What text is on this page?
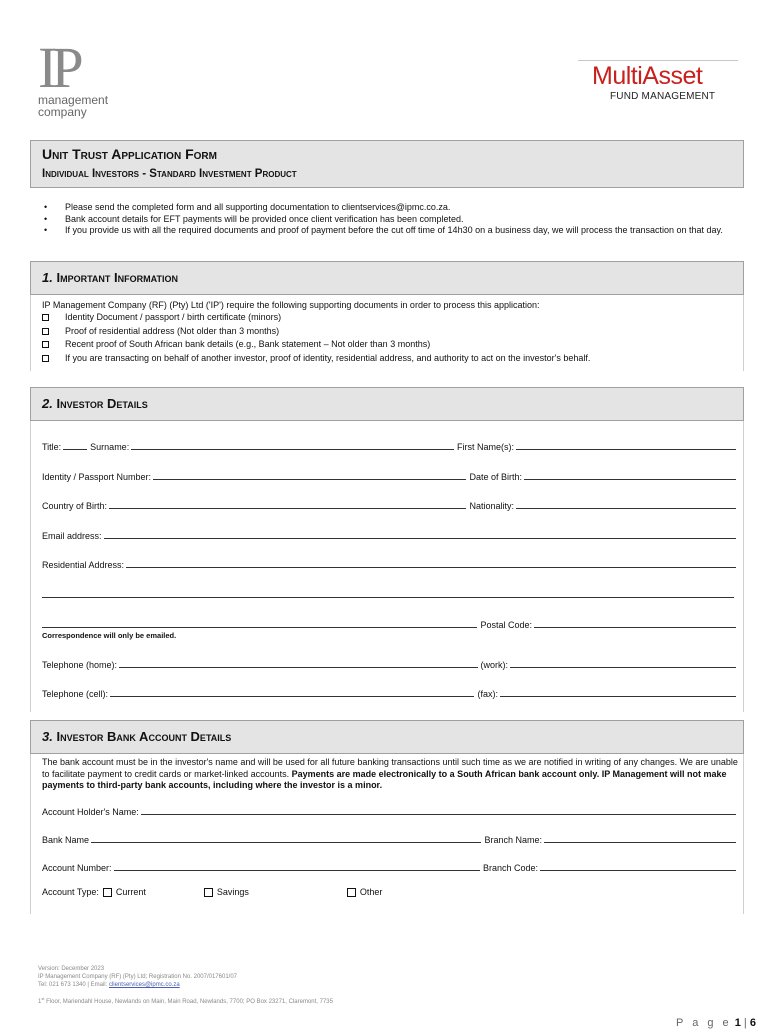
IP
management
company
MultiAsset
FUND MANAGEMENT
Unit Trust Application Form
Individual Investors - Standard Investment Product
• Please send the completed form and all supporting documentation to clientservices@ipmc.co.za.
• Bank account details for EFT payments will be provided once client verification has been completed.
• If you provide us with all the required documents and proof of payment before the cut off time of 14h30 on a business day, we will process the transaction on that day.
1. Important Information
IP Management Company (RF) (Pty) Ltd ('IP') require the following supporting documents in order to process this application:
Identity Document / passport / birth certificate (minors)
Proof of residential address (Not older than 3 months)
Recent proof of South African bank details (e.g., Bank statement – Not older than 3 months)
If you are transacting on behalf of another investor, proof of identity, residential address, and authority to act on the investor's behalf.
2. Investor Details
Title:	Surname:	First Name(s):
Identity / Passport Number:	Date of Birth:
Country of Birth:	Nationality:
Email address:
Residential Address:
Postal Code:
Correspondence will only be emailed.
Telephone (home):	(work):
Telephone (cell):	(fax):
3. Investor Bank Account Details
The bank account must be in the investor's name and will be used for all future banking transactions until such time as we are notified in writing of any changes. We are unable to facilitate payment to credit cards or market-linked accounts. Payments are made electronically to a South African bank account only. IP Management will not make payments to third-party bank accounts, including where the investor is a minor.
Account Holder's Name:
Bank Name	Branch Name:
Account Number:	Branch Code:
Account Type: Current	Savings	Other
Version: December 2023
IP Management Company (RF) (Pty) Ltd; Registration No. 2007/017601/07
Tel: 021 673 1340 | Email: clientservices@ipmc.co.za
1st Floor, Mariendahl House, Newlands on Main, Main Road, Newlands, 7700; PO Box 23271, Claremont, 7735
P a g e 1 | 6
